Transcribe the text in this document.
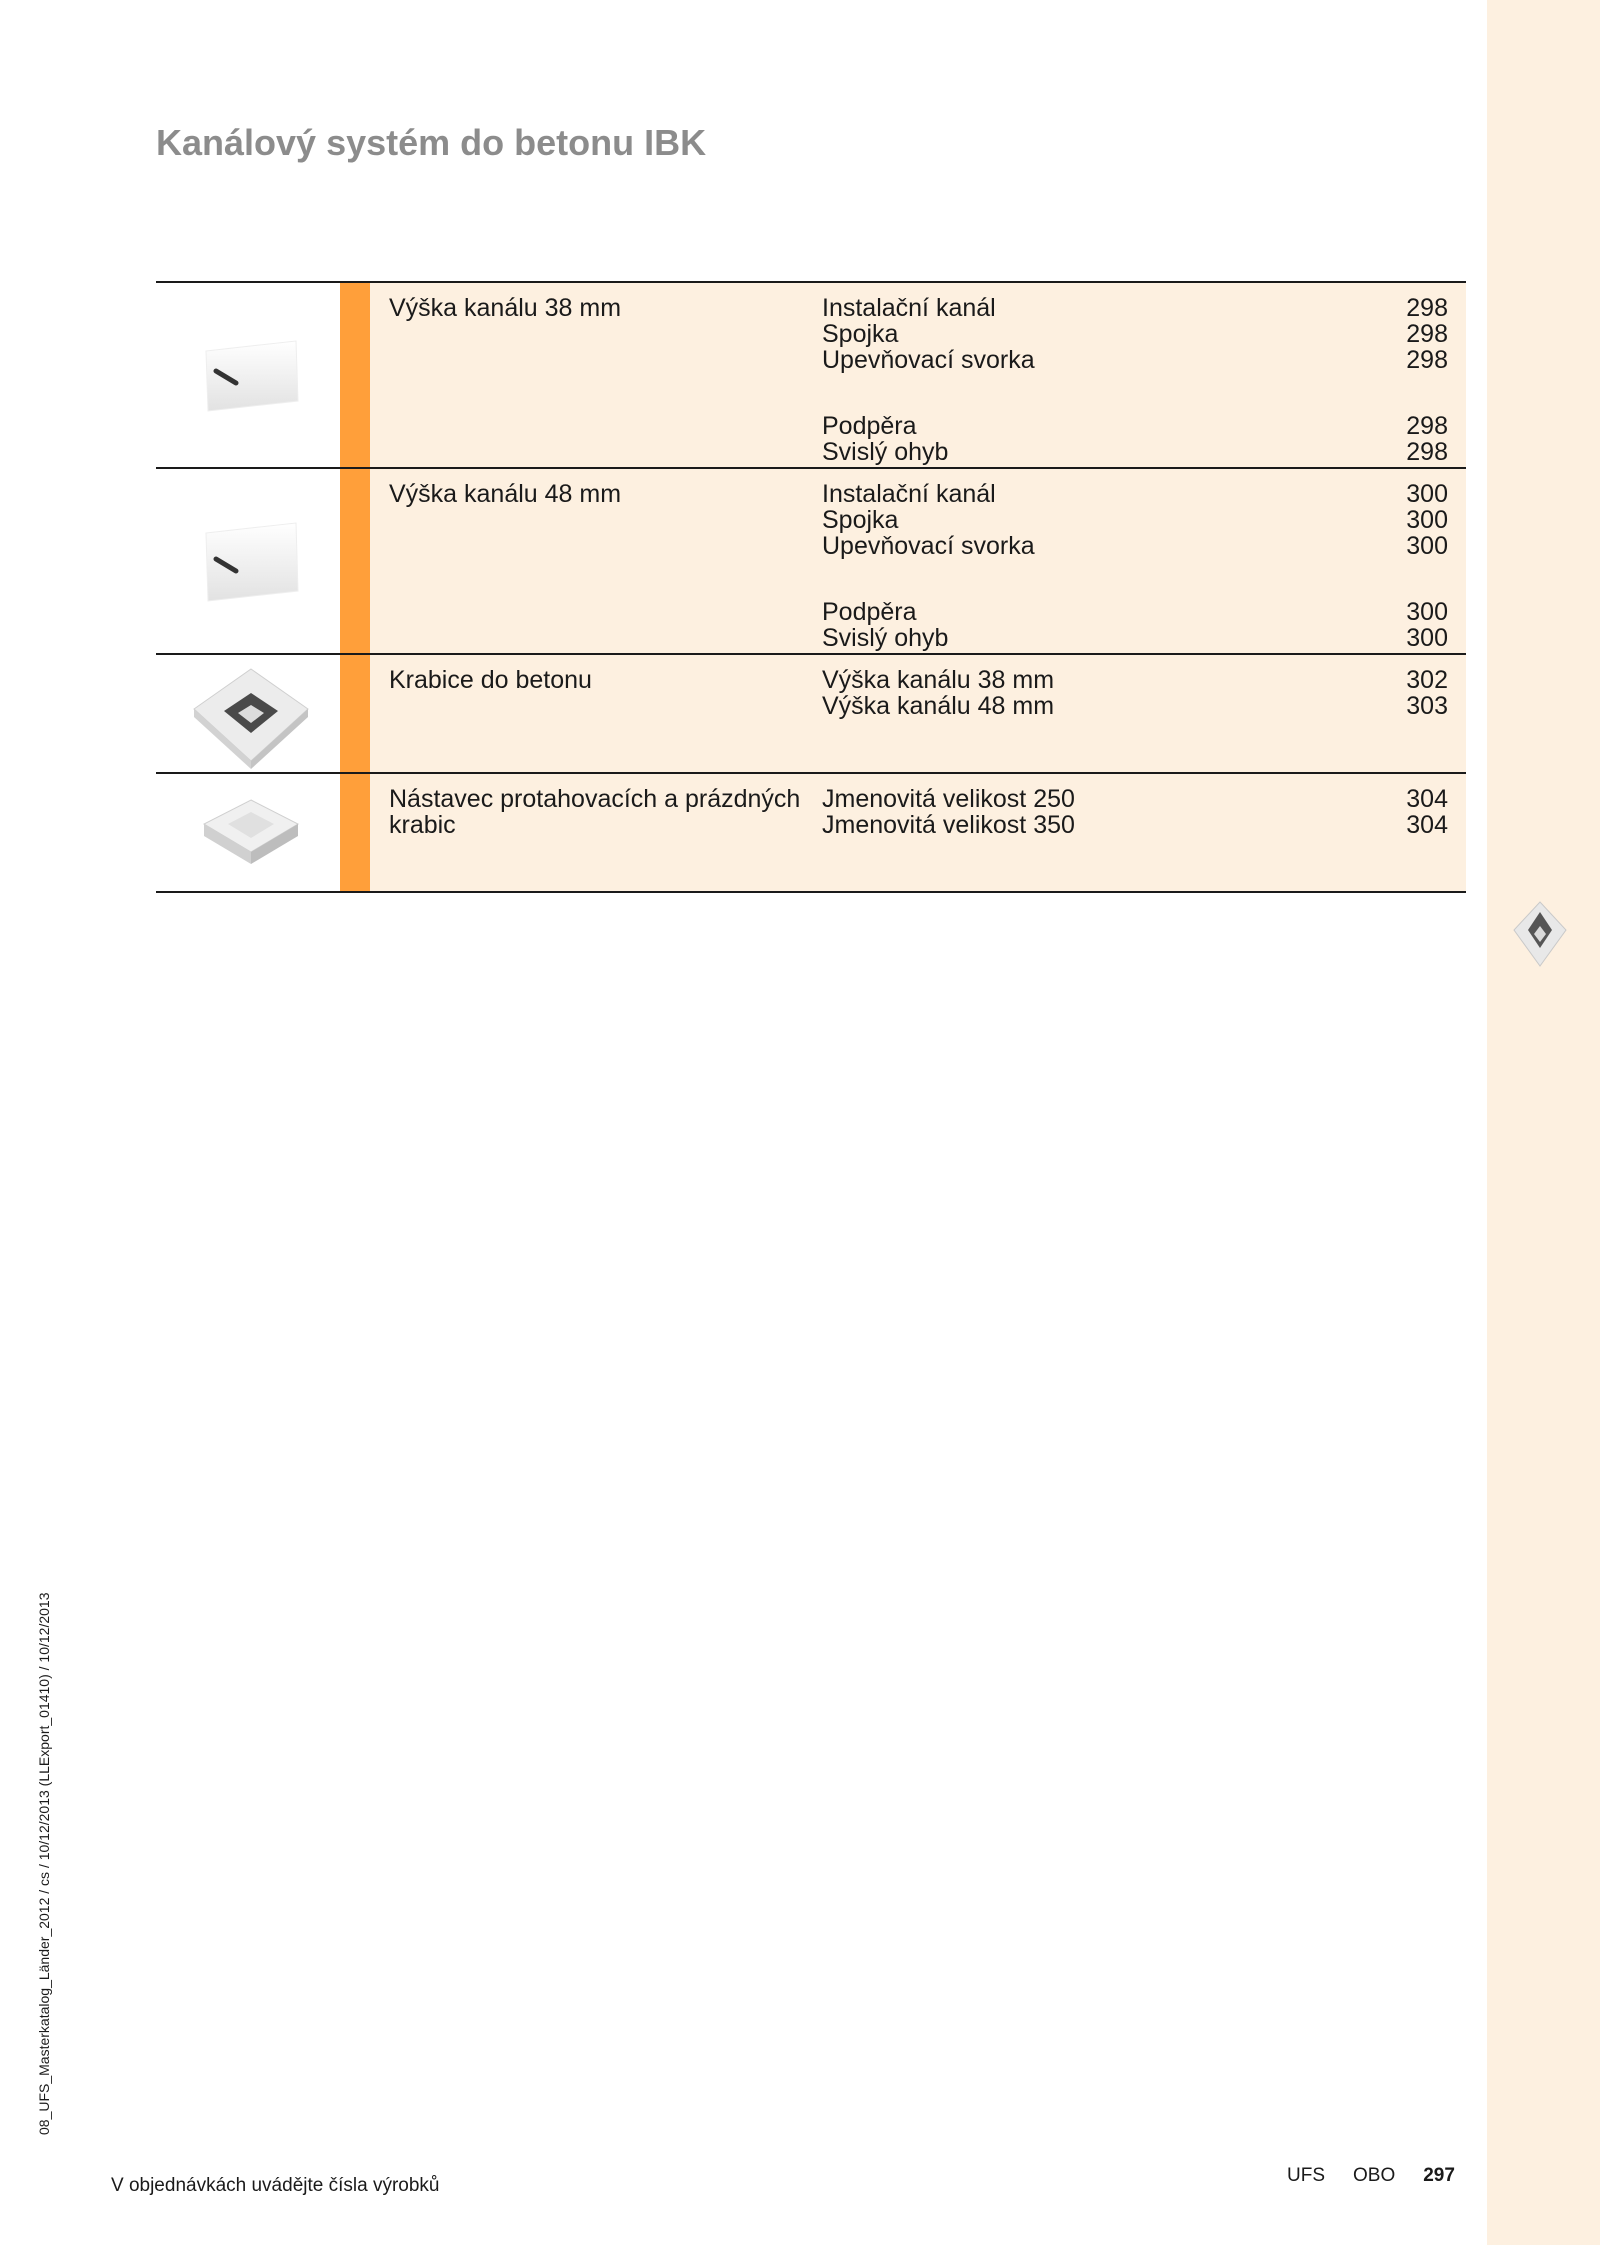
Kanálový systém do betonu IBK
Výška kanálu 38 mm	Instalační kanál	298
Spojka	298
Upevňovací svorka	298
Podpěra	298
Svislý ohyb	298
Výška kanálu 48 mm	Instalační kanál	300
Spojka	300
Upevňovací svorka	300
Podpěra	300
Svislý ohyb	300
Krabice do betonu	Výška kanálu 38 mm	302
Výška kanálu 48 mm	303
Nástavec protahovacích a prázdných
krabic
Jmenovitá velikost 250	304
Jmenovitá velikost 350	304
08_UFS_Masterkatalog_Länder_2012 / cs / 10/12/2013 (LLExport_01410) / 10/12/2013
V objednávkách uvádějte čísla výrobků	UFS OBO 297
